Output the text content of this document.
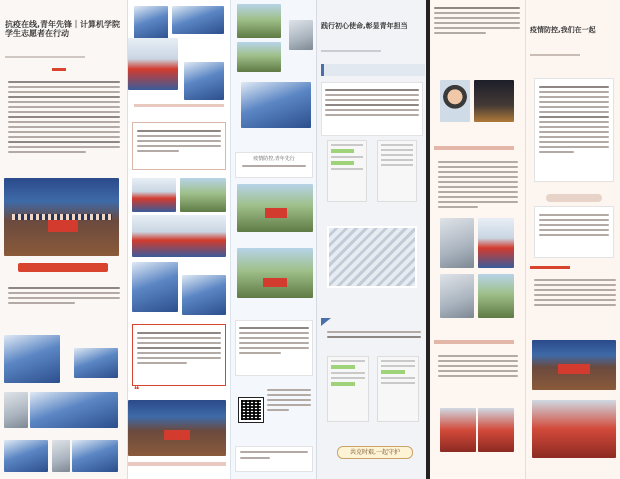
抗疫在线,青年先锋｜计算机学院学生志愿者在行动

❝
疫情防控,青年先行
践行初心使命,彰显青年担当
共克时艰,一起守护
疫情防控,我们在一起
